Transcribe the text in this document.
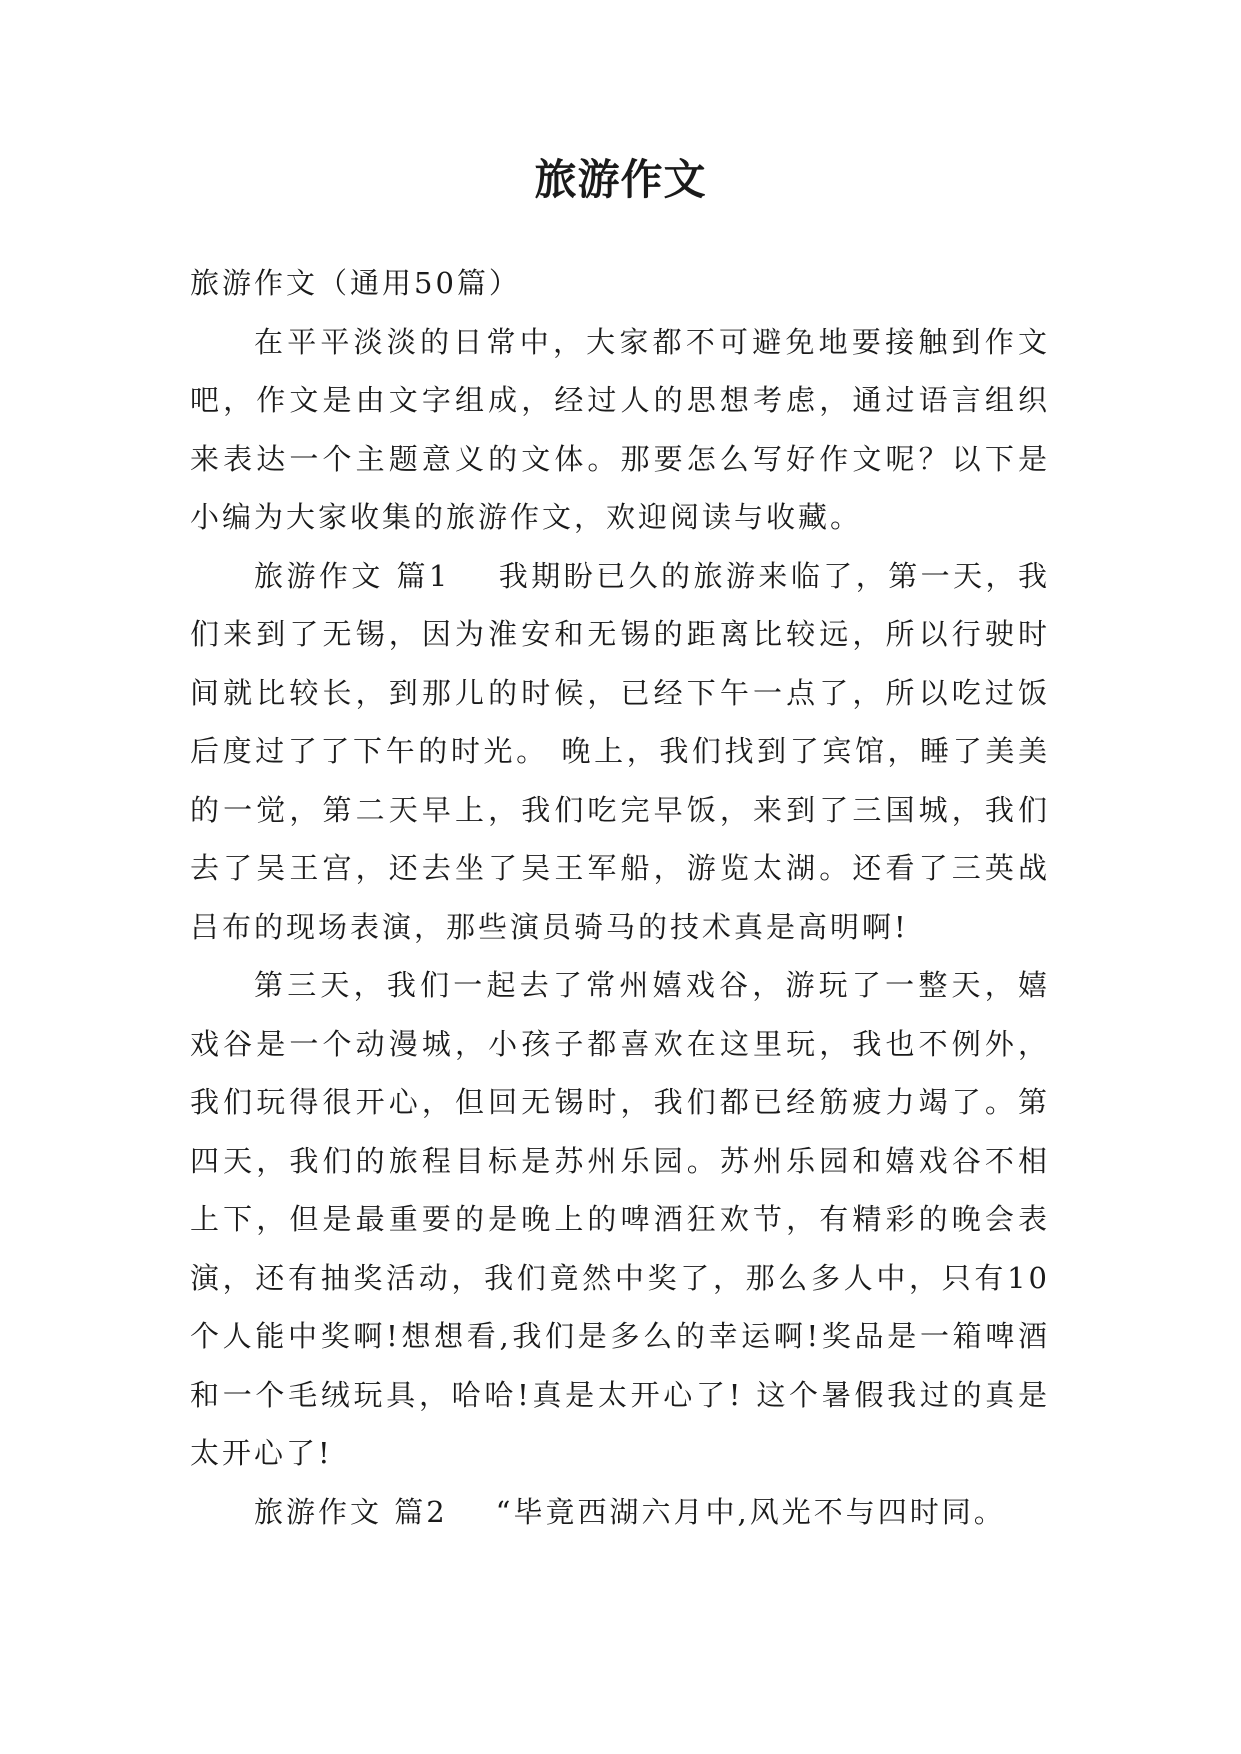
旅游作文

旅游作文（通用50篇）

在平平淡淡的日常中，大家都不可避免地要接触到作文吧，作文是由文字组成，经过人的思想考虑，通过语言组织来表达一个主题意义的文体。那要怎么写好作文呢？以下是小编为大家收集的旅游作文，欢迎阅读与收藏。

旅游作文 篇1 我期盼已久的旅游来临了，第一天，我们来到了无锡，因为淮安和无锡的距离比较远，所以行驶时间就比较长，到那儿的时候，已经下午一点了，所以吃过饭后度过了了下午的时光。 晚上，我们找到了宾馆，睡了美美的一觉，第二天早上，我们吃完早饭，来到了三国城，我们去了吴王宫，还去坐了吴王军船，游览太湖。还看了三英战吕布的现场表演，那些演员骑马的技术真是高明啊!

第三天，我们一起去了常州嬉戏谷，游玩了一整天，嬉戏谷是一个动漫城，小孩子都喜欢在这里玩，我也不例外，我们玩得很开心，但回无锡时，我们都已经筋疲力竭了。第四天，我们的旅程目标是苏州乐园。苏州乐园和嬉戏谷不相上下，但是最重要的是晚上的啤酒狂欢节，有精彩的晚会表演，还有抽奖活动，我们竟然中奖了，那么多人中，只有10个人能中奖啊!想想看,我们是多么的幸运啊!奖品是一箱啤酒和一个毛绒玩具，哈哈!真是太开心了! 这个暑假我过的真是太开心了!

旅游作文 篇2 “毕竟西湖六月中,风光不与四时同。
